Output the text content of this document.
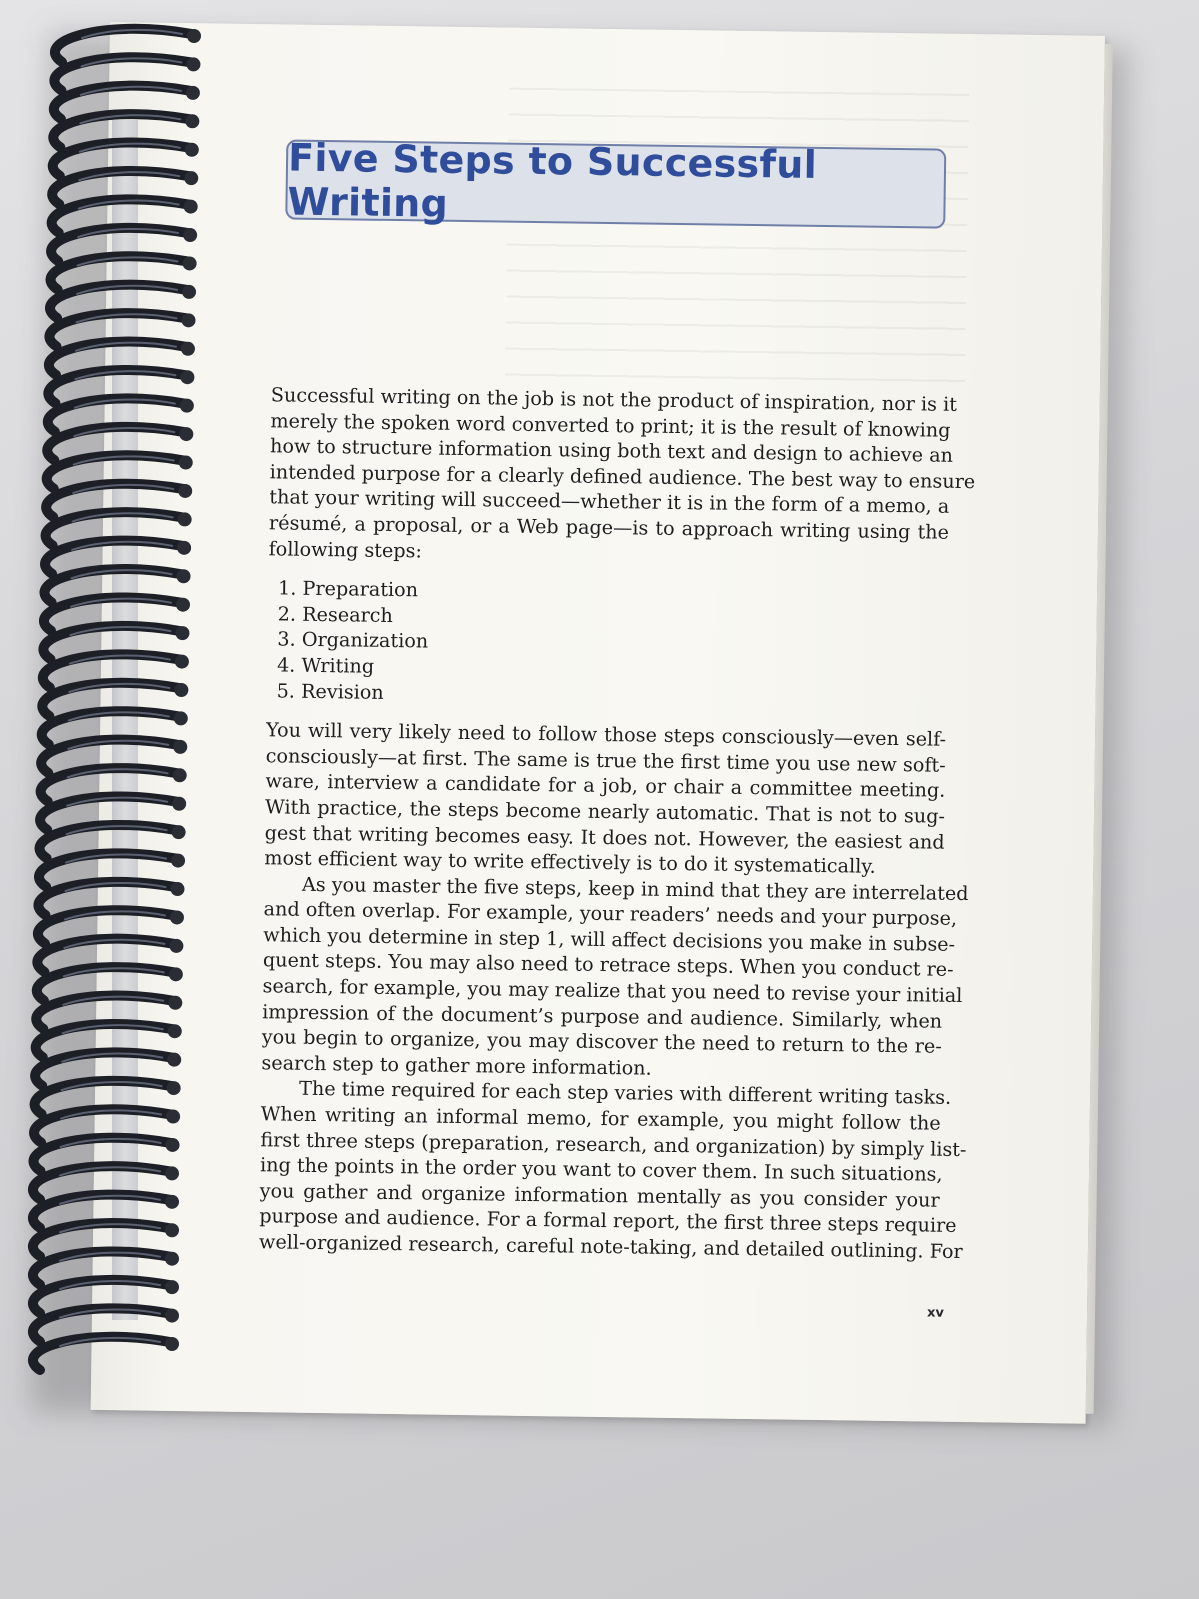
Five Steps to Successful Writing
Successful writing on the job is not the product of inspiration, nor is it
merely the spoken word converted to print; it is the result of knowing
how to structure information using both text and design to achieve an
intended purpose for a clearly defined audience. The best way to ensure
that your writing will succeed—whether it is in the form of a memo, a
résumé, a proposal, or a Web page—is to approach writing using the
following steps:
1. Preparation
2. Research
3. Organization
4. Writing
5. Revision
You will very likely need to follow those steps consciously—even self-
consciously—at first. The same is true the first time you use new soft-
ware, interview a candidate for a job, or chair a committee meeting.
With practice, the steps become nearly automatic. That is not to sug-
gest that writing becomes easy. It does not. However, the easiest and
most efficient way to write effectively is to do it systematically.
As you master the five steps, keep in mind that they are interrelated
and often overlap. For example, your readers’ needs and your purpose,
which you determine in step 1, will affect decisions you make in subse-
quent steps. You may also need to retrace steps. When you conduct re-
search, for example, you may realize that you need to revise your initial
impression of the document’s purpose and audience. Similarly, when
you begin to organize, you may discover the need to return to the re-
search step to gather more information.
The time required for each step varies with different writing tasks.
When writing an informal memo, for example, you might follow the
first three steps (preparation, research, and organization) by simply list-
ing the points in the order you want to cover them. In such situations,
you gather and organize information mentally as you consider your
purpose and audience. For a formal report, the first three steps require
well-organized research, careful note-taking, and detailed outlining. For
xv
